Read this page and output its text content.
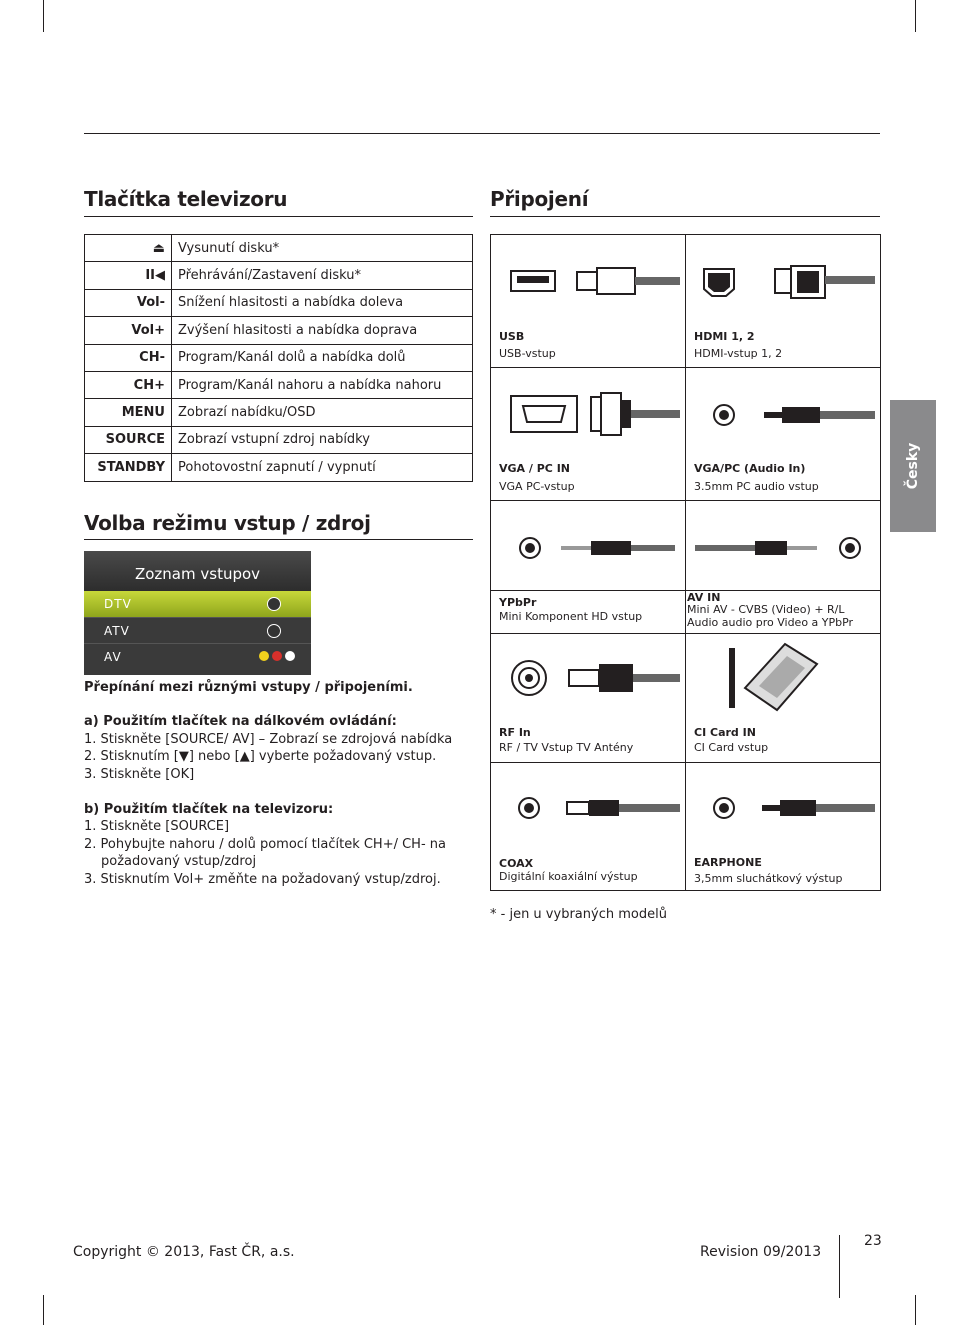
Tlačítka televizoru	Připojení
⏏	Vysunutí disku*
II◀	Přehrávání/Zastavení disku*
Vol-	Snížení hlasitosti a nabídka doleva
Vol+	Zvýšení hlasitosti a nabídka doprava
CH-	Program/Kanál dolů a nabídka dolů
CH+	Program/Kanál nahoru a nabídka nahoru
MENU	Zobrazí nabídku/OSD
SOURCE	Zobrazí vstupní zdroj nabídky
STANDBY	Pohotovostní zapnutí / vypnutí
Volba režimu vstup / zdroj
Zoznam vstupov
DTV
ATV
AV
Přepínání mezi různými vstupy / připojeními.
a) Použitím tlačítek na dálkovém ovládání:
1. Stiskněte [SOURCE/ AV] – Zobrazí se zdrojová nabídka
2. Stisknutím [▼] nebo [▲] vyberte požadovaný vstup.
3. Stiskněte [OK]
b) Použitím tlačítek na televizoru:
1. Stiskněte [SOURCE]
2. Pohybujte nahoru / dolů pomocí tlačítek CH+/ CH- na
požadovaný vstup/zdroj
3. Stisknutím Vol+ změňte na požadovaný vstup/zdroj.
USB
USB-vstup
HDMI 1, 2
HDMI-vstup 1, 2
VGA / PC IN
VGA PC-vstup
VGA/PC (Audio In)
3.5mm PC audio vstup
YPbPr
Mini Komponent HD vstup
AV IN
Mini AV - CVBS (Video) + R/L
Audio audio pro Video a YPbPr
RF In
RF / TV Vstup TV Antény
CI Card IN
CI Card vstup
COAX
Digitální koaxiální výstup
EARPHONE
3,5mm sluchátkový výstup
* - jen u vybraných modelů
Česky
Copyright © 2013, Fast ČR, a.s.	Revision 09/2013
23
